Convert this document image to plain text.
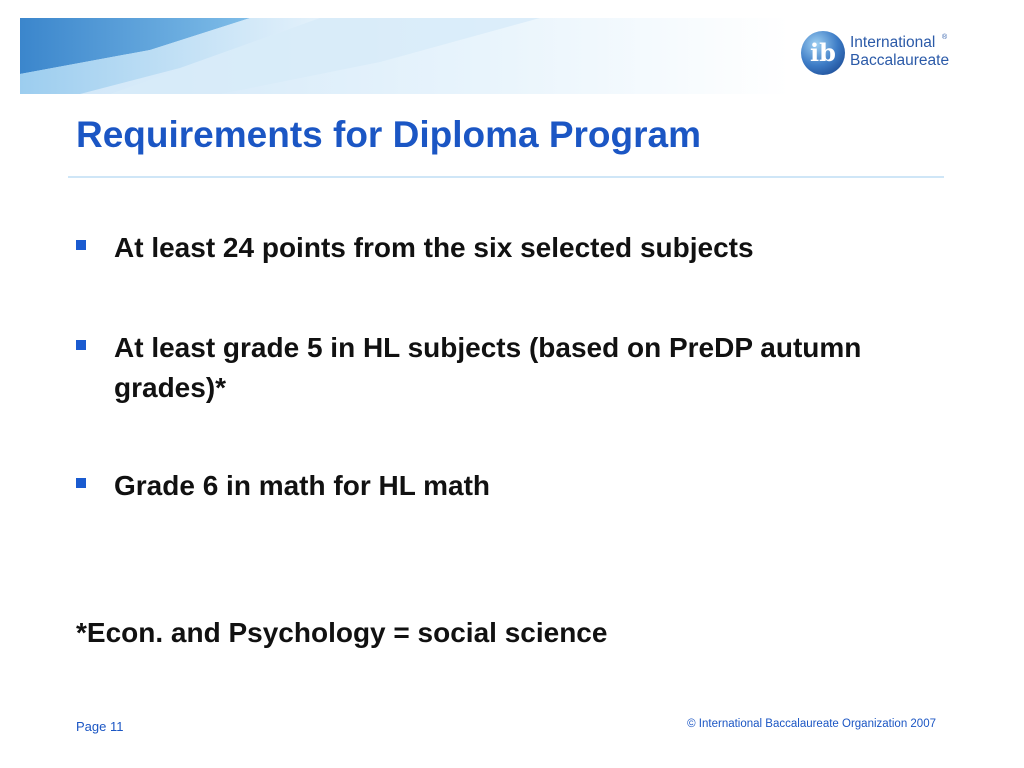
ib International
Baccalaureate
®
Requirements for Diploma Program
At least 24 points from the six selected subjects
At least grade 5 in HL subjects (based on PreDP autumn grades)*
Grade 6 in math for HL math

*Econ. and Psychology = social science

Page 11	© International Baccalaureate Organization 2007
